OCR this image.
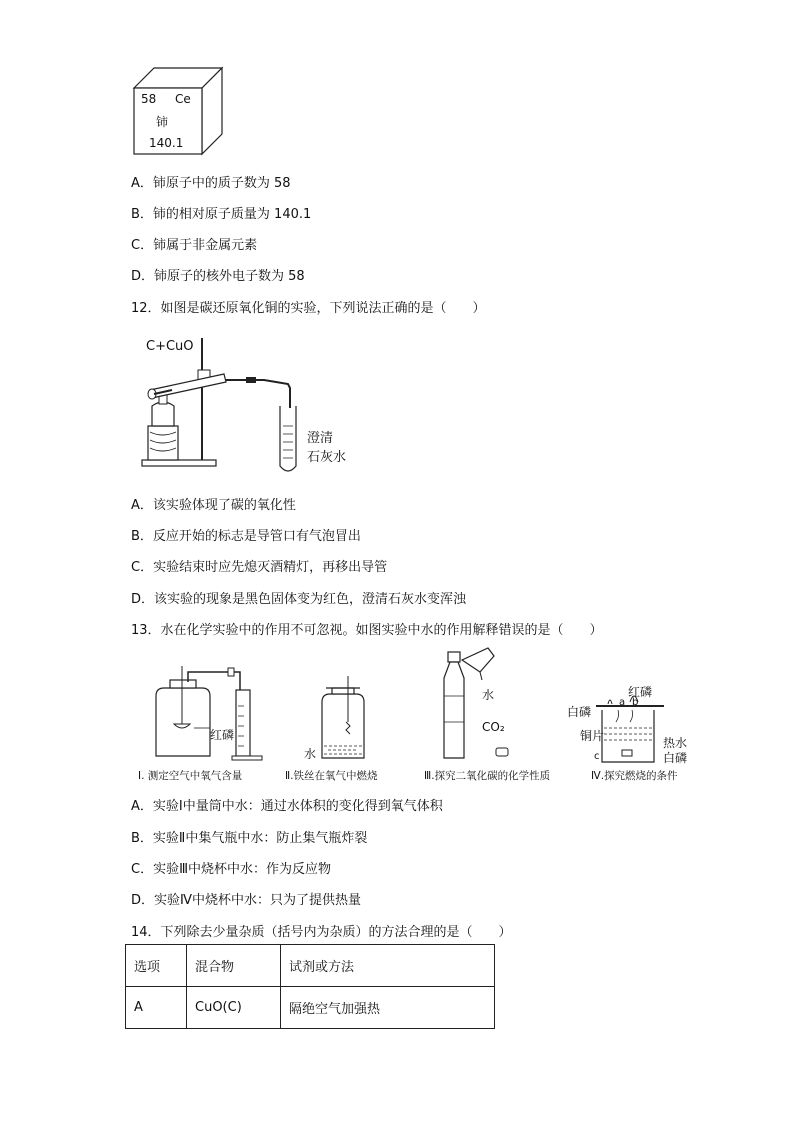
58 Ce
铈
140.1
A．铈原子中的质子数为 58
B．铈的相对原子质量为 140.1
C．铈属于非金属元素
D．铈原子的核外电子数为 58
12．如图是碳还原氧化铜的实验，下列说法正确的是（　　）
C+CuO
澄清
石灰水
A．该实验体现了碳的氧化性
B．反应开始的标志是导管口有气泡冒出
C．实验结束时应先熄灭酒精灯，再移出导管
D．该实验的现象是黑色固体变为红色，澄清石灰水变浑浊
13．水在化学实验中的作用不可忽视。如图实验中水的作用解释错误的是（　　）
红磷
Ⅰ. 测定空气中氧气含量
水
Ⅱ.铁丝在氧气中燃烧
水
CO₂
Ⅲ.探究二氧化碳的化学性质
白磷
红磷
a b
铜片	热水
c	白磷
Ⅳ.探究燃烧的条件
A．实验Ⅰ中量筒中水：通过水体积的变化得到氧气体积
B．实验Ⅱ中集气瓶中水：防止集气瓶炸裂
C．实验Ⅲ中烧杯中水：作为反应物
D．实验Ⅳ中烧杯中水：只为了提供热量
14．下列除去少量杂质（括号内为杂质）的方法合理的是（　　）
选项	混合物	试剂或方法
A	CuO(C)	隔绝空气加强热
